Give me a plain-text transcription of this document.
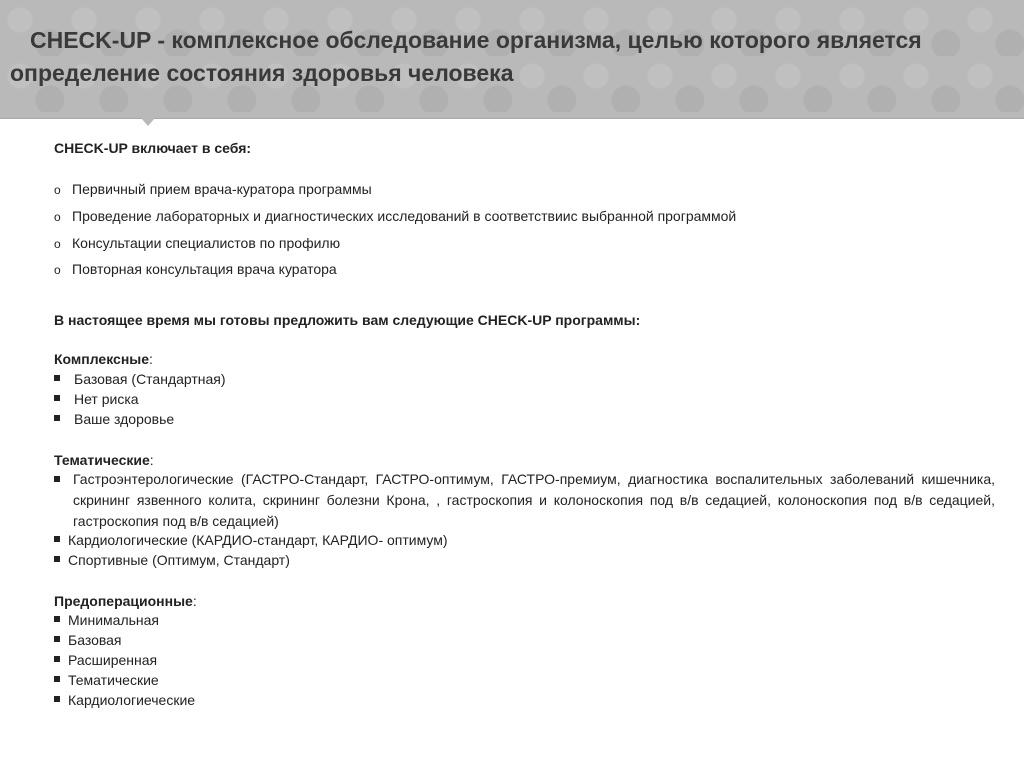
CHECK-UP - комплексное обследование организма, целью которого является определение состояния здоровья человека
CHECK-UP включает в себя:
o Первичный прием врача-куратора программы
o Проведение лабораторных и диагностических исследований в соответствиис выбранной программой
o Консультации специалистов по профилю
o Повторная консультация врача куратора
В настоящее время мы готовы предложить вам следующие CHECK-UP программы:
Комплексные:
Базовая (Стандартная)
Нет риска
Ваше здоровье
Тематические:
Гастроэнтерологические (ГАСТРО-Стандарт, ГАСТРО-оптимум, ГАСТРО-премиум, диагностика воспалительных заболеваний кишечника, скрининг язвенного колита, скрининг болезни Крона, , гастроскопия и колоноскопия под в/в седацией, колоноскопия под в/в седацией, гастроскопия под в/в седацией)
Кардиологические (КАРДИО-стандарт, КАРДИО- оптимум)
Спортивные (Оптимум, Стандарт)
Предоперационные:
Минимальная
Базовая
Расширенная
Тематические
Кардиологиеческие
